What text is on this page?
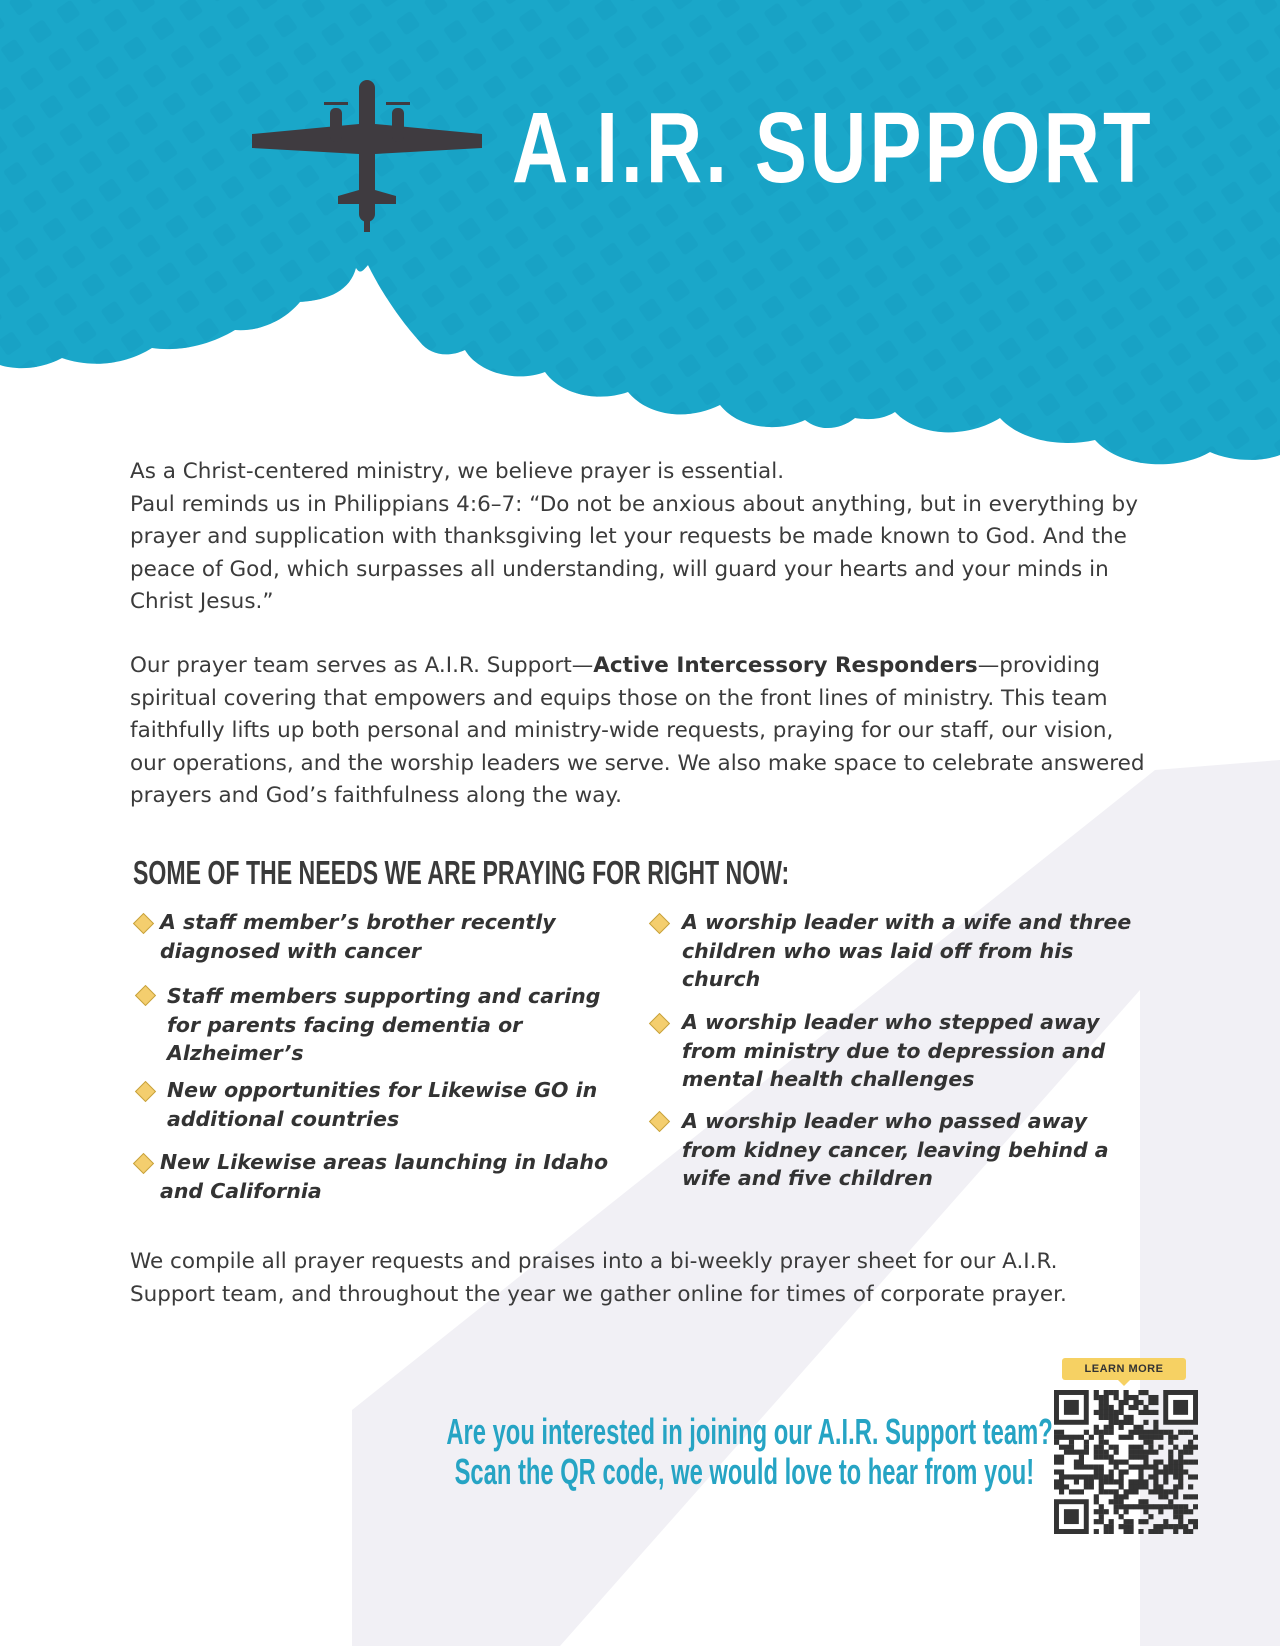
A.I.R. SUPPORT

As a Christ-centered ministry, we believe prayer is essential.

Paul reminds us in Philippians 4:6–7: “Do not be anxious about anything, but in everything by prayer and supplication with thanksgiving let your requests be made known to God. And the peace of God, which surpasses all understanding, will guard your hearts and your minds in Christ Jesus.”

Our prayer team serves as A.I.R. Support—Active Intercessory Responders—providing spiritual covering that empowers and equips those on the front lines of ministry. This team faithfully lifts up both personal and ministry-wide requests, praying for our staff, our vision, our operations, and the worship leaders we serve. We also make space to celebrate answered prayers and God’s faithfulness along the way.

SOME OF THE NEEDS WE ARE PRAYING FOR RIGHT NOW:
A staff member’s brother recently diagnosed with cancer
Staff members supporting and caring for parents facing dementia or Alzheimer’s
New opportunities for Likewise GO in additional countries
New Likewise areas launching in Idaho and California
A worship leader with a wife and three children who was laid off from his church
A worship leader who stepped away from ministry due to depression and mental health challenges
A worship leader who passed away from kidney cancer, leaving behind a wife and five children
We compile all prayer requests and praises into a bi-weekly prayer sheet for our A.I.R. Support team, and throughout the year we gather online for times of corporate prayer.
Are you interested in joining our A.I.R. Support team?
Scan the QR code, we would love to hear from you!
LEARN MORE
